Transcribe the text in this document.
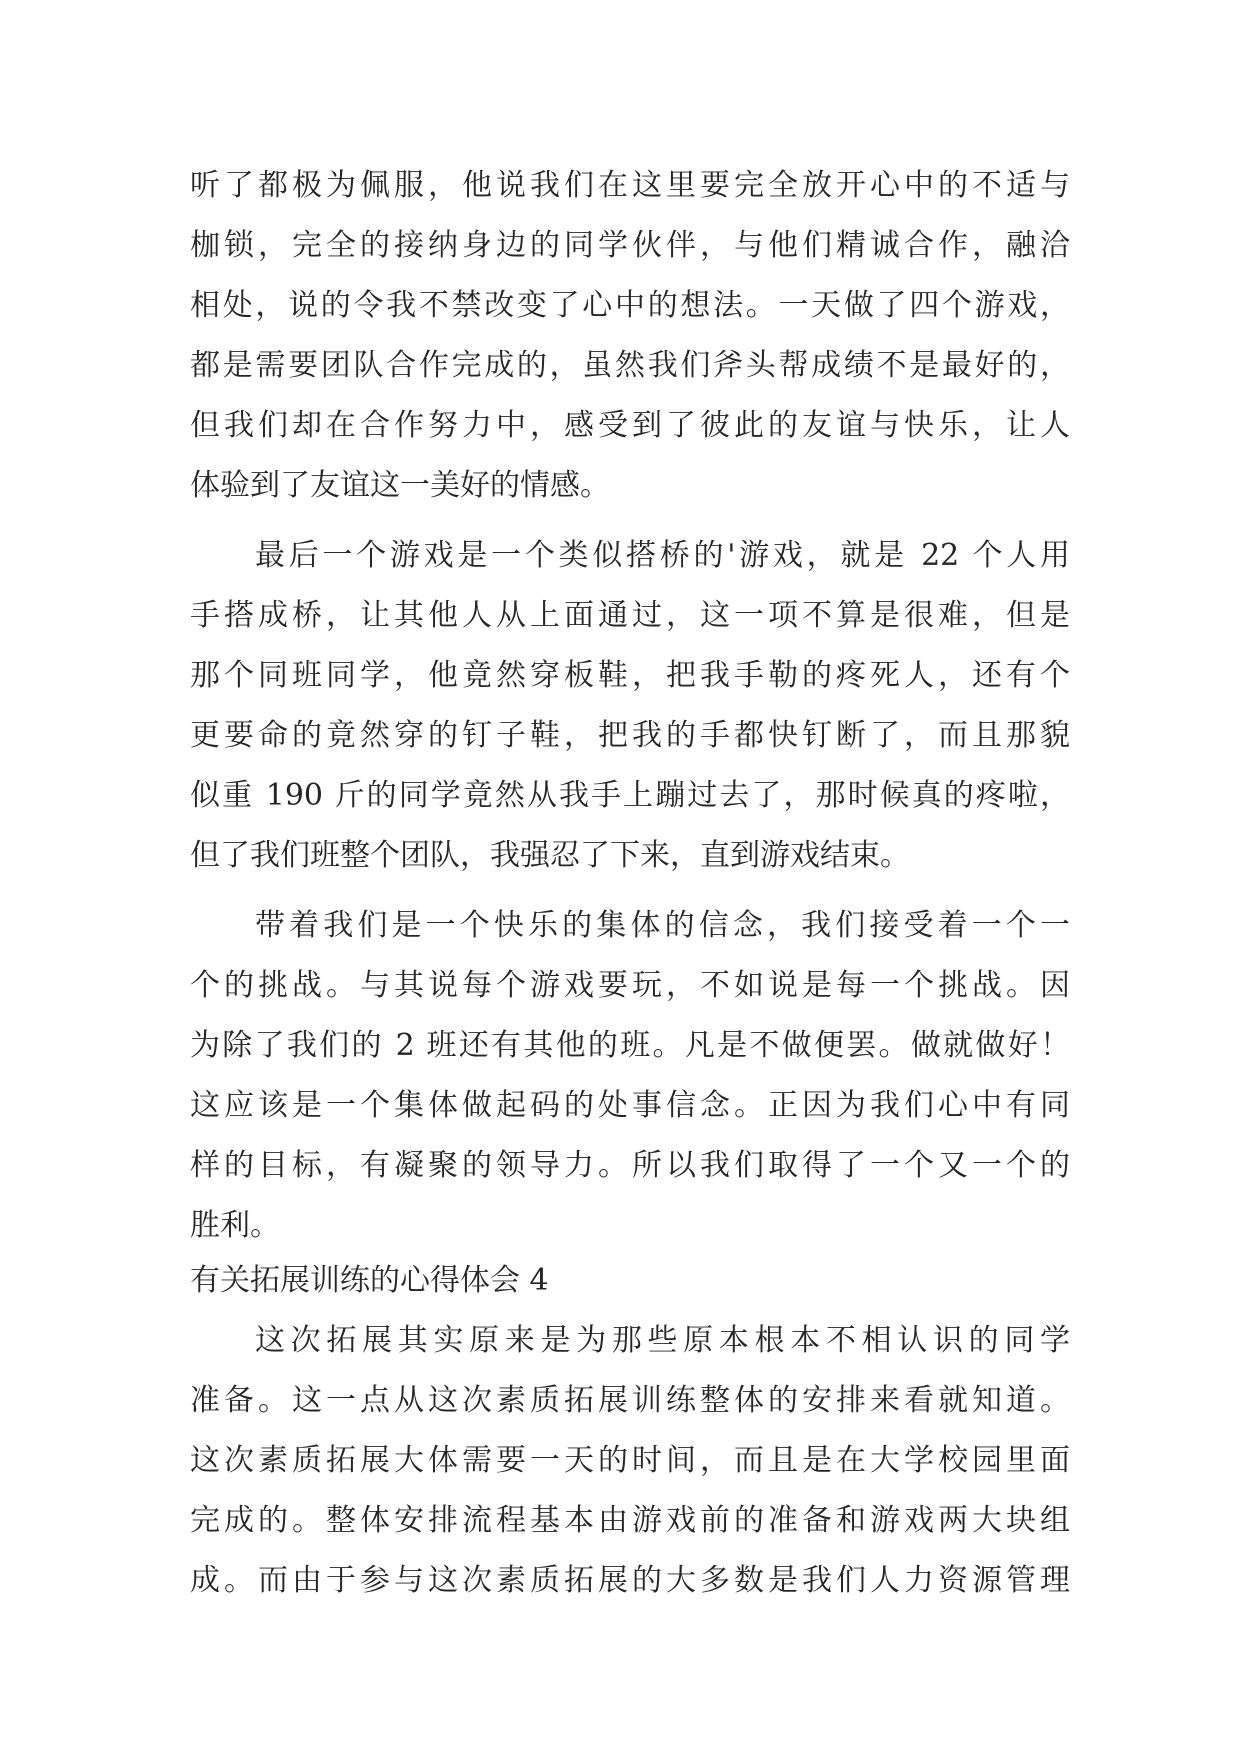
听了都极为佩服，他说我们在这里要完全放开心中的不适与
枷锁，完全的接纳身边的同学伙伴，与他们精诚合作，融洽
相处，说的令我不禁改变了心中的想法。一天做了四个游戏，
都是需要团队合作完成的，虽然我们斧头帮成绩不是最好的，
但我们却在合作努力中，感受到了彼此的友谊与快乐，让人
体验到了友谊这一美好的情感。
最后一个游戏是一个类似搭桥的'游戏，就是 22 个人用
手搭成桥，让其他人从上面通过，这一项不算是很难，但是
那个同班同学，他竟然穿板鞋，把我手勒的疼死人，还有个
更要命的竟然穿的钉子鞋，把我的手都快钉断了，而且那貌
似重 190 斤的同学竟然从我手上蹦过去了，那时候真的疼啦，
但了我们班整个团队，我强忍了下来，直到游戏结束。
带着我们是一个快乐的集体的信念，我们接受着一个一
个的挑战。与其说每个游戏要玩，不如说是每一个挑战。因
为除了我们的 2 班还有其他的班。凡是不做便罢。做就做好！
这应该是一个集体做起码的处事信念。正因为我们心中有同
样的目标，有凝聚的领导力。所以我们取得了一个又一个的
胜利。
有关拓展训练的心得体会 4
这次拓展其实原来是为那些原本根本不相认识的同学
准备。这一点从这次素质拓展训练整体的安排来看就知道。
这次素质拓展大体需要一天的时间，而且是在大学校园里面
完成的。整体安排流程基本由游戏前的准备和游戏两大块组
成。而由于参与这次素质拓展的大多数是我们人力资源管理
